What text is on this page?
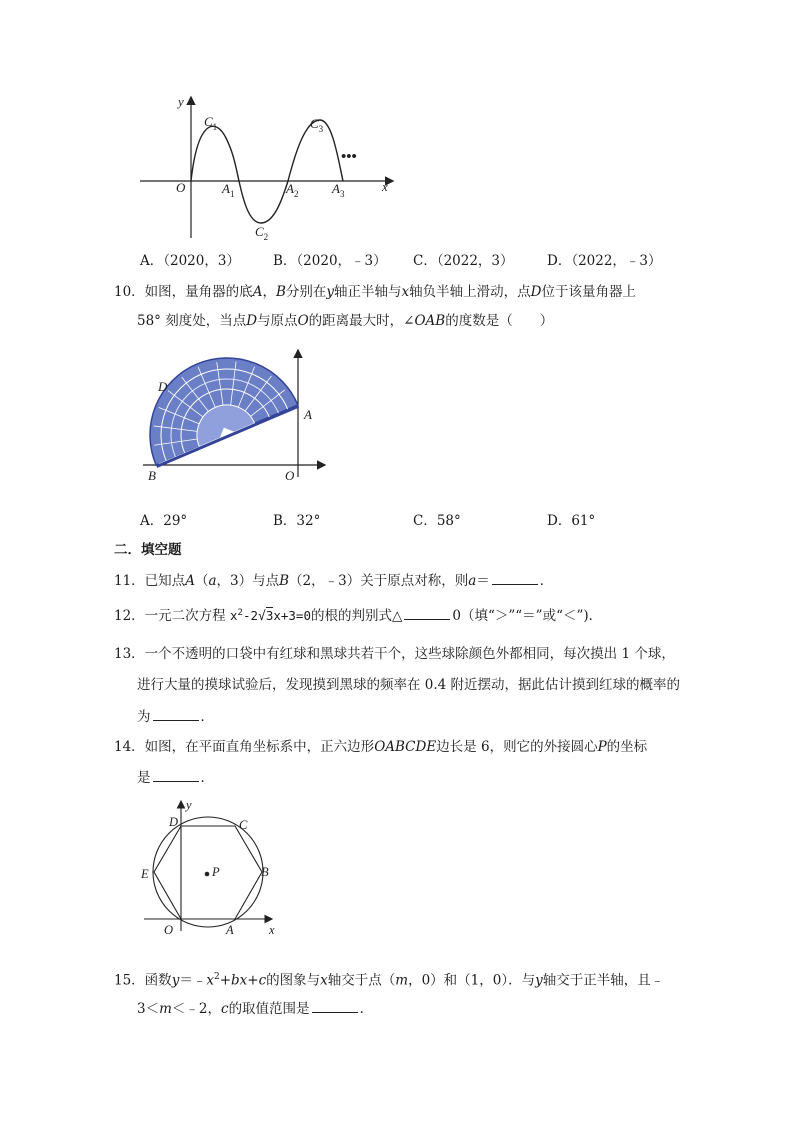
y
x
O
$C_1$
$C_2$
$C_3$
$A_1$	$A_2$	$A_3$
•••
A．（2020，3） B．（2020，﹣3） C．（2022，3） D．（2022，﹣3）
10．如图，量角器的底A，B分别在y轴正半轴与x轴负半轴上滑动，点D位于该量角器上
58° 刻度处，当点D与原点O的距离最大时，∠OAB的度数是（　　）
D
A
B	O
A．29°	B．32°	C．58°	D．61°
二．填空题
11．已知点A（a，3）与点B（2，﹣3）关于原点对称，则a＝	．
12．一元二次方程 $x^2-2√3x+3=0$的根的判别式△	0（填“＞”“＝”或“＜”)．
13．一个不透明的口袋中有红球和黑球共若干个，这些球除颜色外都相同，每次摸出 1 个球，
进行大量的摸球试验后，发现摸到黑球的频率在 0.4 附近摆动，据此估计摸到红球的概率的
为	．
14．如图，在平面直角坐标系中，正六边形OABCDE边长是 6，则它的外接圆心P的坐标
是	．
y
x
O	A
B
C
D
E	P
15．函数$y=﹣x^2+bx+c$的图象与x轴交于点（m，0）和（1，0）．与y轴交于正半轴，且﹣
3＜m＜﹣2，c的取值范围是	．
